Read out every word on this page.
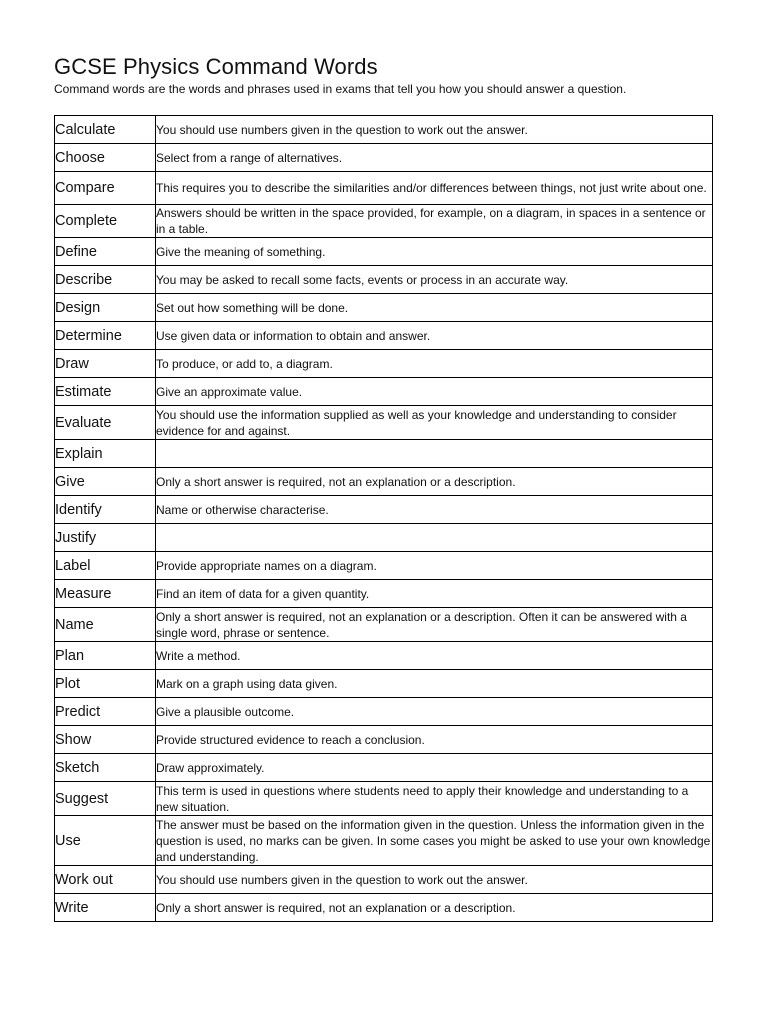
GCSE Physics Command Words

Command words are the words and phrases used in exams that tell you how you should answer a question.

Calculate	You should use numbers given in the question to work out the answer.
Choose	Select from a range of alternatives.
Compare	This requires you to describe the similarities and/or differences between things, not just write about one.
Complete	Answers should be written in the space provided, for example, on a diagram, in spaces in a sentence or in a table.
Define	Give the meaning of something.
Describe	You may be asked to recall some facts, events or process in an accurate way.
Design	Set out how something will be done.
Determine	Use given data or information to obtain and answer.
Draw	To produce, or add to, a diagram.
Estimate	Give an approximate value.
Evaluate	You should use the information supplied as well as your knowledge and understanding to consider evidence for and against.
Explain	
Give	Only a short answer is required, not an explanation or a description.
Identify	Name or otherwise characterise.
Justify	
Label	Provide appropriate names on a diagram.
Measure	Find an item of data for a given quantity.
Name	Only a short answer is required, not an explanation or a description. Often it can be answered with a single word, phrase or sentence.
Plan	Write a method.
Plot	Mark on a graph using data given.
Predict	Give a plausible outcome.
Show	Provide structured evidence to reach a conclusion.
Sketch	Draw approximately.
Suggest	This term is used in questions where students need to apply their knowledge and understanding to a new situation.
Use	The answer must be based on the information given in the question. Unless the information given in the question is used, no marks can be given. In some cases you might be asked to use your own knowledge and understanding.
Work out	You should use numbers given in the question to work out the answer.
Write	Only a short answer is required, not an explanation or a description.
